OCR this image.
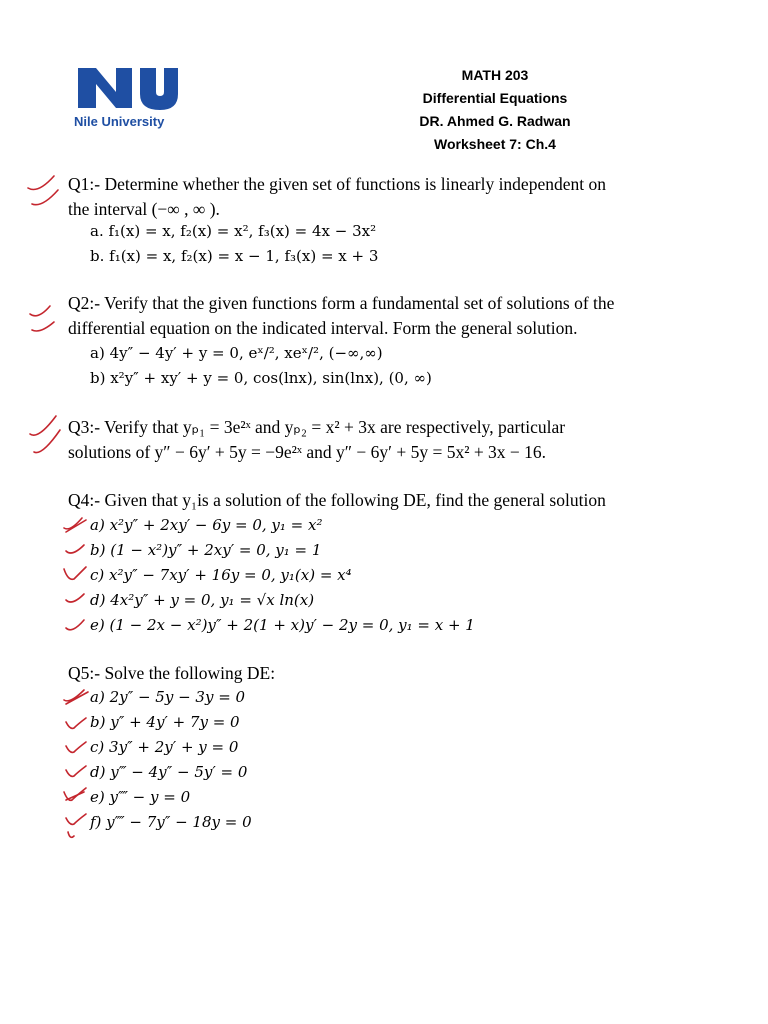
Nile University
MATH 203
Differential Equations
DR. Ahmed G. Radwan
Worksheet 7: Ch.4
Q1:- Determine whether the given set of functions is linearly independent on
the interval (−∞ , ∞ ).
a. f₁(x) = x, f₂(x) = x², f₃(x) = 4x − 3x²
b. f₁(x) = x, f₂(x) = x − 1, f₃(x) = x + 3
Q2:- Verify that the given functions form a fundamental set of solutions of the
differential equation on the indicated interval. Form the general solution.
a) 4y″ − 4y′ + y = 0, eˣ/², xeˣ/², (−∞,∞)
b) x²y″ + xy′ + y = 0, cos(lnx), sin(lnx), (0, ∞)
Q3:- Verify that yₚ₁ = 3e²ˣ and yₚ₂ = x² + 3x are respectively, particular
solutions of y″ − 6y′ + 5y = −9e²ˣ and y″ − 6y′ + 5y = 5x² + 3x − 16.
Q4:- Given that y₁is a solution of the following DE, find the general solution
a) x²y″ + 2xy′ − 6y = 0, y₁ = x²
b) (1 − x²)y″ + 2xy′ = 0, y₁ = 1
c) x²y″ − 7xy′ + 16y = 0, y₁(x) = x⁴
d) 4x²y″ + y = 0, y₁ = √x ln(x)
e) (1 − 2x − x²)y″ + 2(1 + x)y′ − 2y = 0, y₁ = x + 1
Q5:- Solve the following DE:
a) 2y″ − 5y − 3y = 0
b) y″ + 4y′ + 7y = 0
c) 3y″ + 2y′ + y = 0
d) y‴ − 4y″ − 5y′ = 0
e) y⁗ − y = 0
f) y⁗ − 7y″ − 18y = 0
